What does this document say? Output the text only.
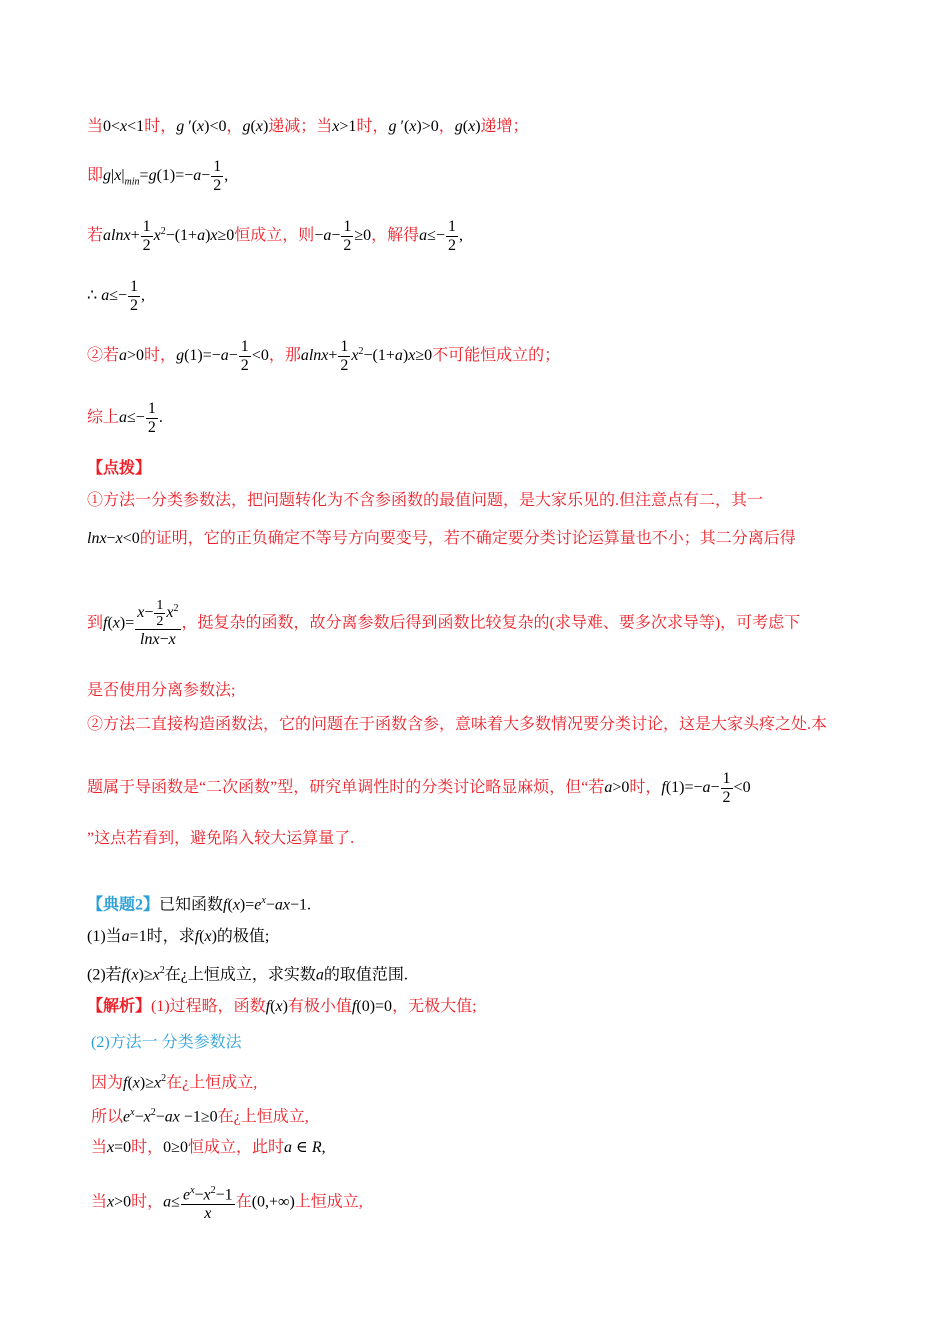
当0<x<1时，g ′(x)<0，g(x)递减；当x>1时，g ′(x)>0，g(x)递增；
即$g|x|_{min}=g(1)=-a- \frac{1}{2}$ ,
若$alnx+ \frac{1}{2} x^2-(1+a)x\ge 0$恒成立，则$-a- \frac{1}{2} \ge 0$，解得$a\le- \frac{1}{2}$ ,
∴ $a\le- \frac{1}{2}$ ,
②若a>0时，$g(1)=-a- \frac{1}{2} <0$，那$alnx+ \frac{1}{2} x^2-(1+a)x\ge 0$不可能恒成立的；
综上$a\le- \frac{1}{2}$ .
【点拨】
①方法一分类参数法，把问题转化为不含参函数的最值问题，是大家乐见的.但注意点有二，其一
lnx−x<0的证明，它的正负确定不等号方向要变号，若不确定要分类讨论运算量也不小；其二分离后得
到$f(x)= \frac{x- \frac{1}{2} x^2}{\ln x-x}$ ，挺复杂的函数，故分离参数后得到函数比较复杂的(求导难、要多次求导等)，可考虑下
是否使用分离参数法;
②方法二直接构造函数法，它的问题在于函数含参，意味着大多数情况要分类讨论，这是大家头疼之处.本
题属于导函数是“二次函数”型，研究单调性时的分类讨论略显麻烦，但“若a>0时，$f(1)=-a- \frac{1}{2} <0$
”这点若看到，避免陷入较大运算量了.
【典题2】已知函数$f(x)=e^x-ax-1$.
(1)当a=1时，求f(x)的极值;
(2)若$f(x)\ge x^2$在¿上恒成立，求实数a的取值范围.
【解析】(1)过程略，函数f(x)有极小值f(0)=0，无极大值;
(2)方法一 分类参数法
因为$f(x)\ge x^2$在¿上恒成立,
所以$e^x-x^2-ax -1\ge 0$在¿上恒成立,
当x=0时，0≥0恒成立，此时a ∈ R,
当x>0时，$a\le \frac{e^x-x^2-1}{x}$ 在(0,+∞)上恒成立,
